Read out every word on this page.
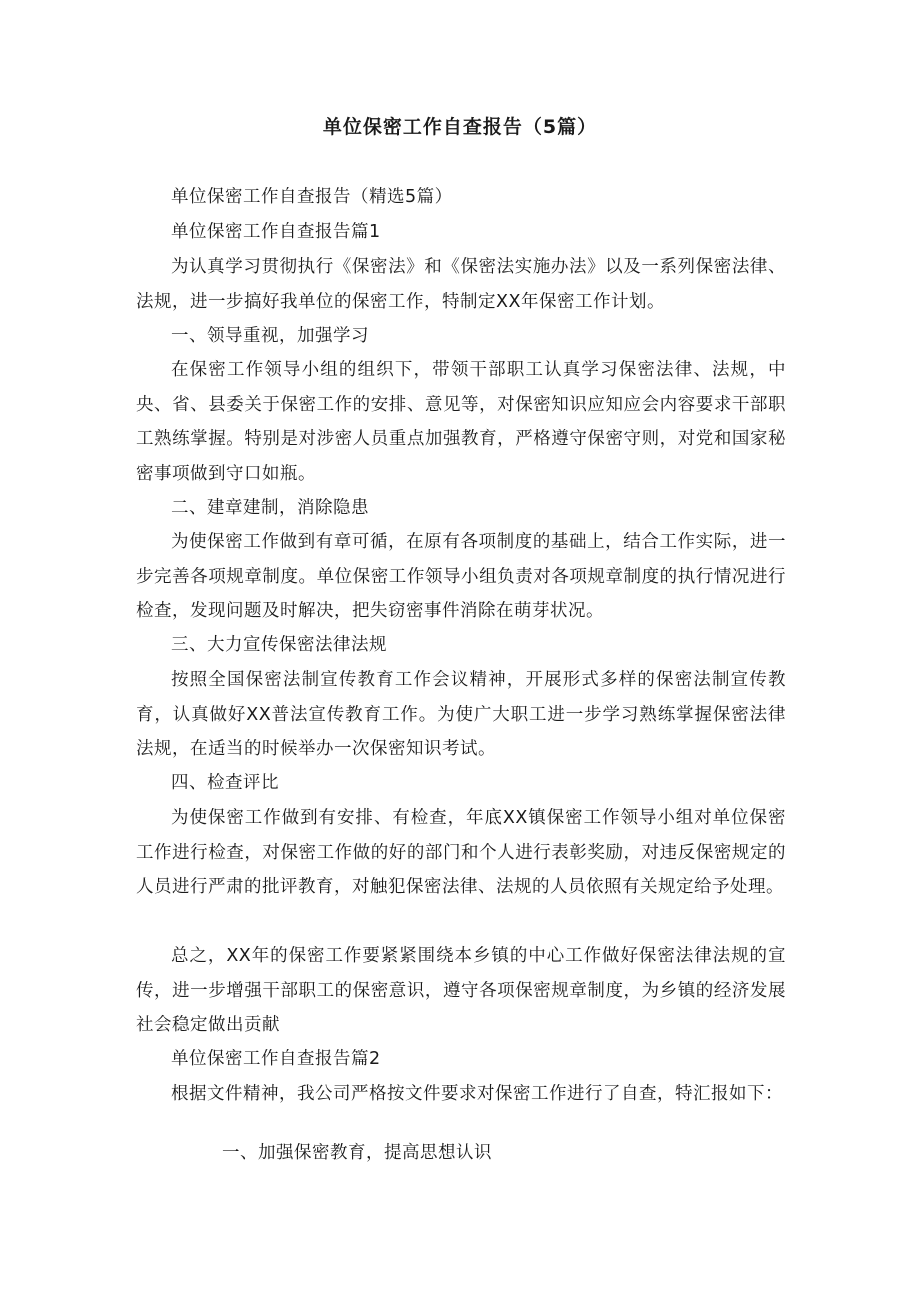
单位保密工作自查报告（5篇）

单位保密工作自查报告（精选5篇）

单位保密工作自查报告篇1

为认真学习贯彻执行《保密法》和《保密法实施办法》以及一系列保密法律、法规，进一步搞好我单位的保密工作，特制定XX年保密工作计划。

一、领导重视，加强学习

在保密工作领导小组的组织下，带领干部职工认真学习保密法律、法规，中央、省、县委关于保密工作的安排、意见等，对保密知识应知应会内容要求干部职工熟练掌握。特别是对涉密人员重点加强教育，严格遵守保密守则，对党和国家秘密事项做到守口如瓶。

二、建章建制，消除隐患

为使保密工作做到有章可循，在原有各项制度的基础上，结合工作实际，进一步完善各项规章制度。单位保密工作领导小组负责对各项规章制度的执行情况进行检查，发现问题及时解决，把失窃密事件消除在萌芽状况。

三、大力宣传保密法律法规

按照全国保密法制宣传教育工作会议精神，开展形式多样的保密法制宣传教育，认真做好XX普法宣传教育工作。为使广大职工进一步学习熟练掌握保密法律法规，在适当的时候举办一次保密知识考试。

四、检查评比

为使保密工作做到有安排、有检查，年底XX镇保密工作领导小组对单位保密工作进行检查，对保密工作做的好的部门和个人进行表彰奖励，对违反保密规定的人员进行严肃的批评教育，对触犯保密法律、法规的人员依照有关规定给予处理。

总之，XX年的保密工作要紧紧围绕本乡镇的中心工作做好保密法律法规的宣传，进一步增强干部职工的保密意识，遵守各项保密规章制度，为乡镇的经济发展社会稳定做出贡献

单位保密工作自查报告篇2

根据文件精神，我公司严格按文件要求对保密工作进行了自查，特汇报如下：

一、加强保密教育，提高思想认识
